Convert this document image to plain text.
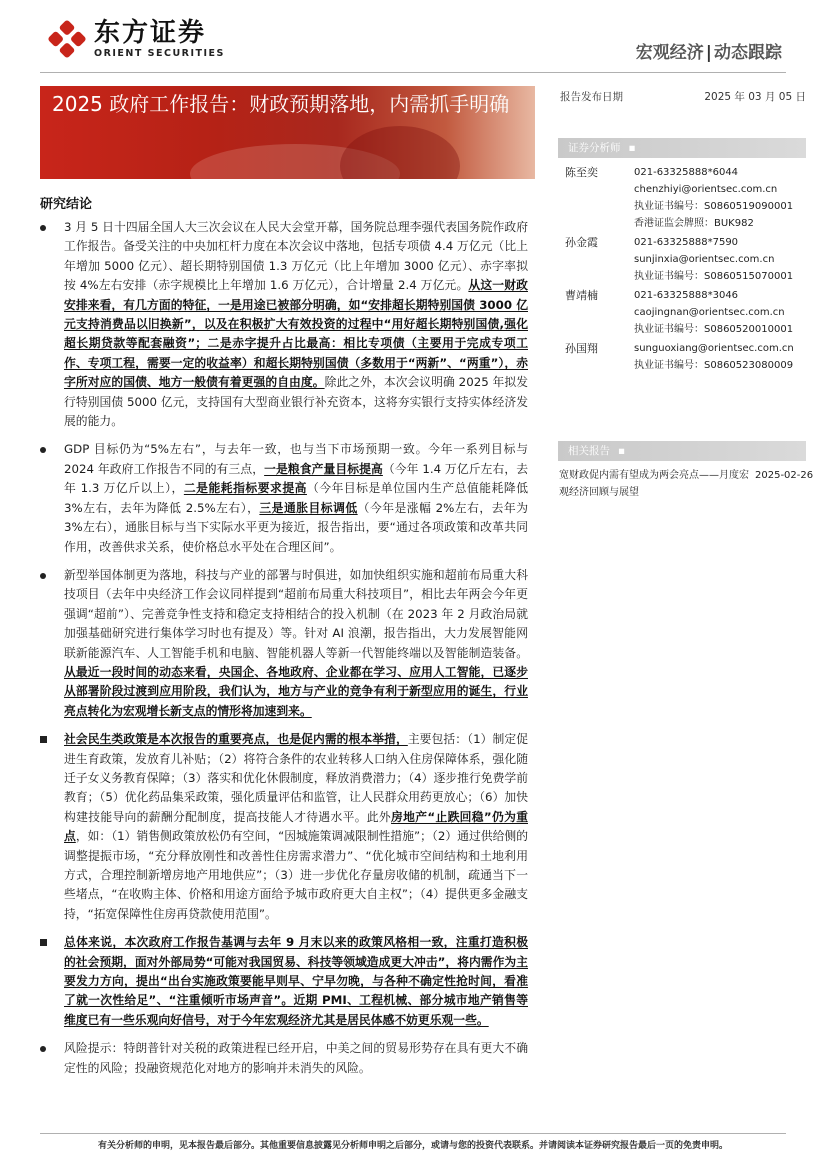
东方证券
ORIENT SECURITIES	宏观经济 | 动态跟踪
2025 政府工作报告：财政预期落地，内需抓手明确
研究结论
3 月 5 日十四届全国人大三次会议在人民大会堂开幕，国务院总理李强代表国务院作政府工作报告。备受关注的中央加杠杆力度在本次会议中落地，包括专项债 4.4 万亿元（比上年增加 5000 亿元）、超长期特别国债 1.3 万亿元（比上年增加 3000 亿元）、赤字率拟按 4%左右安排（赤字规模比上年增加 1.6 万亿元），合计增量 2.4 万亿元。从这一财政安排来看，有几方面的特征，一是用途已被部分明确，如“安排超长期特别国债 3000 亿元支持消费品以旧换新”，以及在积极扩大有效投资的过程中“用好超长期特别国债,强化超长期贷款等配套融资”；二是赤字提升占比最高：相比专项债（主要用于完成专项工作、专项工程，需要一定的收益率）和超长期特别国债（多数用于“两新”、“两重”），赤字所对应的国债、地方一般债有着更强的自由度。除此之外，本次会议明确 2025 年拟发行特别国债 5000 亿元，支持国有大型商业银行补充资本，这将夯实银行支持实体经济发展的能力。
GDP 目标仍为“5%左右”，与去年一致，也与当下市场预期一致。今年一系列目标与 2024 年政府工作报告不同的有三点，一是粮食产量目标提高（今年 1.4 万亿斤左右，去年 1.3 万亿斤以上），二是能耗指标要求提高（今年目标是单位国内生产总值能耗降低 3%左右，去年为降低 2.5%左右），三是通胀目标调低（今年是涨幅 2%左右，去年为 3%左右），通胀目标与当下实际水平更为接近，报告指出，要“通过各项政策和改革共同作用，改善供求关系，使价格总水平处在合理区间”。
新型举国体制更为落地，科技与产业的部署与时俱进，如加快组织实施和超前布局重大科技项目（去年中央经济工作会议同样提到“超前布局重大科技项目”，相比去年两会今年更强调“超前”）、完善竞争性支持和稳定支持相结合的投入机制（在 2023 年 2 月政治局就加强基础研究进行集体学习时也有提及）等。针对 AI 浪潮，报告指出，大力发展智能网联新能源汽车、人工智能手机和电脑、智能机器人等新一代智能终端以及智能制造装备。从最近一段时间的动态来看，央国企、各地政府、企业都在学习、应用人工智能，已逐步从部署阶段过渡到应用阶段，我们认为，地方与产业的竞争有利于新型应用的诞生，行业亮点转化为宏观增长新支点的情形将加速到来。
社会民生类政策是本次报告的重要亮点，也是促内需的根本举措，主要包括：（1）制定促进生育政策，发放育儿补贴；（2）将符合条件的农业转移人口纳入住房保障体系，强化随迁子女义务教育保障；（3）落实和优化休假制度，释放消费潜力；（4）逐步推行免费学前教育；（5）优化药品集采政策，强化质量评估和监管，让人民群众用药更放心；（6）加快构建技能导向的薪酬分配制度，提高技能人才待遇水平。此外房地产“止跌回稳”仍为重点，如：（1）销售侧政策放松仍有空间，“因城施策调减限制性措施”；（2）通过供给侧的调整提振市场，“充分释放刚性和改善性住房需求潜力”、“优化城市空间结构和土地利用方式，合理控制新增房地产用地供应”；（3）进一步优化存量房收储的机制，疏通当下一些堵点，“在收购主体、价格和用途方面给予城市政府更大自主权”；（4）提供更多金融支持，“拓宽保障性住房再贷款使用范围”。
总体来说，本次政府工作报告基调与去年 9 月末以来的政策风格相一致，注重打造积极的社会预期，面对外部局势“可能对我国贸易、科技等领域造成更大冲击”，将内需作为主要发力方向，提出“出台实施政策要能早则早、宁早勿晚，与各种不确定性抢时间，看准了就一次性给足”、“注重倾听市场声音”。近期 PMI、工程机械、部分城市地产销售等维度已有一些乐观向好信号，对于今年宏观经济尤其是居民体感不妨更乐观一些。
风险提示：特朗普针对关税的政策进程已经开启，中美之间的贸易形势存在具有更大不确定性的风险；投融资规范化对地方的影响并未消失的风险。
报告发布日期	2025 年 03 月 05 日
证券分析师 ▪
陈至奕	021-63325888*6044
chenzhiyi@orientsec.com.cn
执业证书编号：S0860519090001
香港证监会牌照：BUK982
孙金霞	021-63325888*7590
sunjinxia@orientsec.com.cn
执业证书编号：S0860515070001
曹靖楠	021-63325888*3046
caojingnan@orientsec.com.cn
执业证书编号：S0860520010001
孙国翔	sunguoxiang@orientsec.com.cn
执业证书编号：S0860523080009
相关报告 ▪
宽财政促内需有望成为两会亮点——月度宏观经济回顾与展望
2025-02-26
有关分析师的申明，见本报告最后部分。其他重要信息披露见分析师申明之后部分，或请与您的投资代表联系。并请阅读本证券研究报告最后一页的免责申明。
